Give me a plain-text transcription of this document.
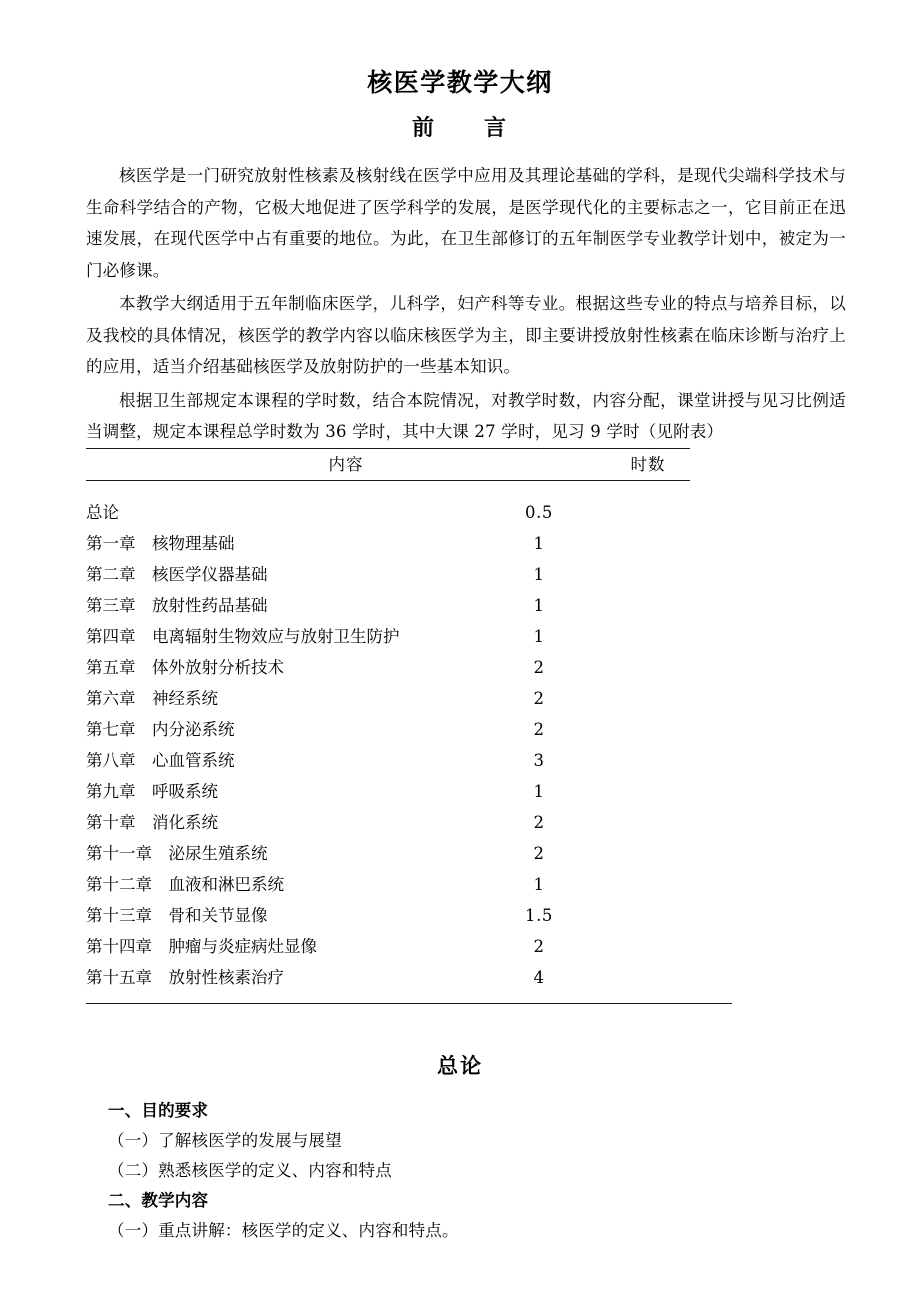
核医学教学大纲
前　　言

核医学是一门研究放射性核素及核射线在医学中应用及其理论基础的学科，是现代尖端科学技术与生命科学结合的产物，它极大地促进了医学科学的发展，是医学现代化的主要标志之一，它目前正在迅速发展，在现代医学中占有重要的地位。为此，在卫生部修订的五年制医学专业教学计划中，被定为一门必修课。

本教学大纲适用于五年制临床医学，儿科学，妇产科等专业。根据这些专业的特点与培养目标，以及我校的具体情况，核医学的教学内容以临床核医学为主，即主要讲授放射性核素在临床诊断与治疗上的应用，适当介绍基础核医学及放射防护的一些基本知识。

根据卫生部规定本课程的学时数，结合本院情况，对教学时数，内容分配，课堂讲授与见习比例适当调整，规定本课程总学时数为 36 学时，其中大课 27 学时，见习 9 学时（见附表）

内容	时数
总论	0.5
第一章　核物理基础	1
第二章　核医学仪器基础	1
第三章　放射性药品基础	1
第四章　电离辐射生物效应与放射卫生防护	1
第五章　体外放射分析技术	2
第六章　神经系统	2
第七章　内分泌系统	2
第八章　心血管系统	3
第九章　呼吸系统	1
第十章　消化系统	2
第十一章　泌尿生殖系统	2
第十二章　血液和淋巴系统	1
第十三章　骨和关节显像	1.5
第十四章　肿瘤与炎症病灶显像	2
第十五章　放射性核素治疗	4
总论
一、目的要求
（一）了解核医学的发展与展望
（二）熟悉核医学的定义、内容和特点
二、教学内容
（一）重点讲解：核医学的定义、内容和特点。
